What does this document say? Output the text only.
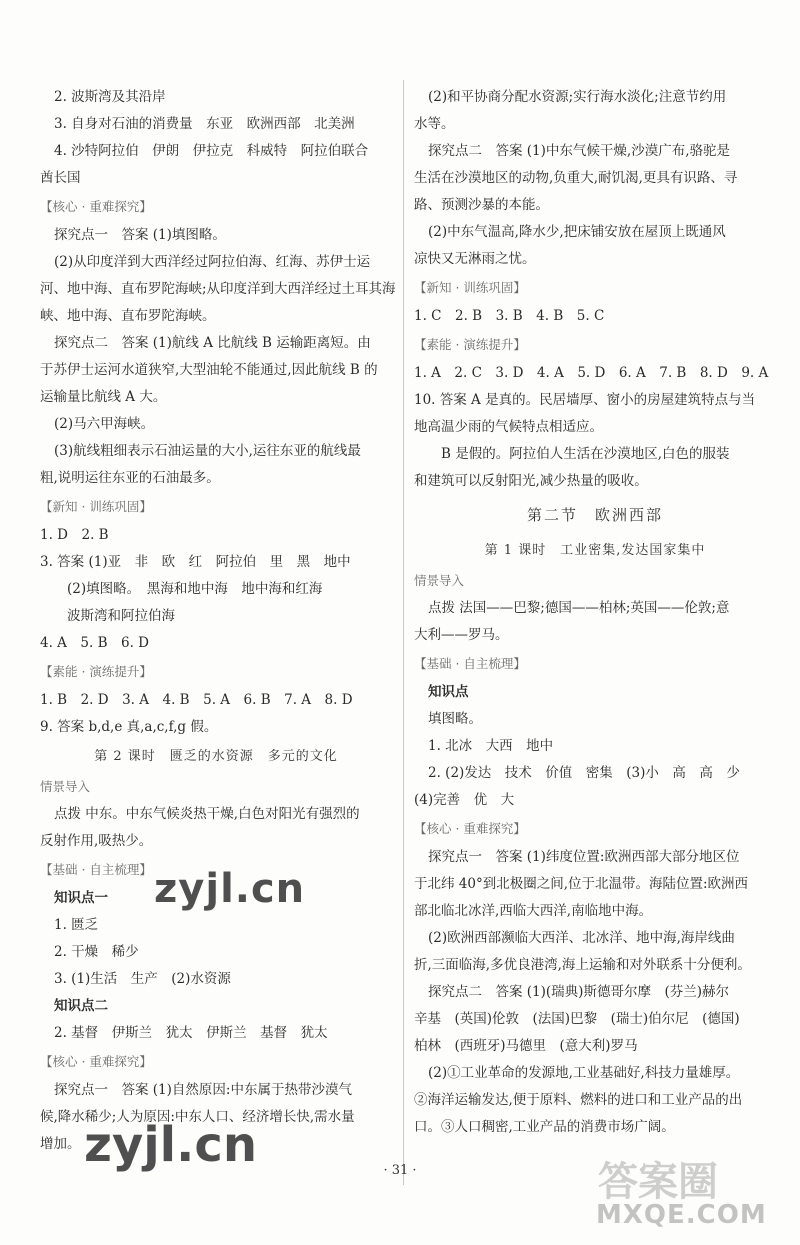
2. 波斯湾及其沿岸
3. 自身对石油的消费量　东亚　欧洲西部　北美洲
4. 沙特阿拉伯　伊朗　伊拉克　科威特　阿拉伯联合
酋长国
【核心 · 重难探究】
探究点一　答案 (1)填图略。
(2)从印度洋到大西洋经过阿拉伯海、红海、苏伊士运
河、地中海、直布罗陀海峡;从印度洋到大西洋经过土耳其海
峡、地中海、直布罗陀海峡。
探究点二　答案 (1)航线 A 比航线 B 运输距离短。由
于苏伊士运河水道狭窄,大型油轮不能通过,因此航线 B 的
运输量比航线 A 大。
(2)马六甲海峡。
(3)航线粗细表示石油运量的大小,运往东亚的航线最
粗,说明运往东亚的石油最多。
【新知 · 训练巩固】
1. D　2. B
3. 答案 (1)亚　非　欧　红　阿拉伯　里　黑　地中
(2)填图略。　黑海和地中海　地中海和红海
波斯湾和阿拉伯海
4. A　5. B　6. D
【素能 · 演练提升】
1. B　2. D　3. A　4. B　5. A　6. B　7. A　8. D
9. 答案 b,d,e 真,a,c,f,g 假。
第 2 课时　匮乏的水资源　多元的文化
情景导入
点拨 中东。中东气候炎热干燥,白色对阳光有强烈的
反射作用,吸热少。
【基础 · 自主梳理】
知识点一
1. 匮乏
2. 干燥　稀少
3. (1)生活　生产　(2)水资源
知识点二
2. 基督　伊斯兰　犹太　伊斯兰　基督　犹太
【核心 · 重难探究】
探究点一　答案 (1)自然原因:中东属于热带沙漠气
候,降水稀少;人为原因:中东人口、经济增长快,需水量
增加。
(2)和平协商分配水资源;实行海水淡化;注意节约用
水等。
探究点二　答案 (1)中东气候干燥,沙漠广布,骆驼是
生活在沙漠地区的动物,负重大,耐饥渴,更具有识路、寻
路、预测沙暴的本能。
(2)中东气温高,降水少,把床铺安放在屋顶上既通风
凉快又无淋雨之忧。
【新知 · 训练巩固】
1. C　2. B　3. B　4. B　5. C
【素能 · 演练提升】
1. A　2. C　3. D　4. A　5. D　6. A　7. B　8. D　9. A
10. 答案 A 是真的。民居墙厚、窗小的房屋建筑特点与当
地高温少雨的气候特点相适应。
B 是假的。阿拉伯人生活在沙漠地区,白色的服装
和建筑可以反射阳光,减少热量的吸收。
第二节　欧洲西部
第 1 课时　工业密集,发达国家集中
情景导入
点拨 法国——巴黎;德国——柏林;英国——伦敦;意
大利——罗马。
【基础 · 自主梳理】
知识点
填图略。
1. 北冰　大西　地中
2. (2)发达　技术　价值　密集　(3)小　高　高　少
(4)完善　优　大
【核心 · 重难探究】
探究点一　答案 (1)纬度位置:欧洲西部大部分地区位
于北纬 40°到北极圈之间,位于北温带。海陆位置:欧洲西
部北临北冰洋,西临大西洋,南临地中海。
(2)欧洲西部濒临大西洋、北冰洋、地中海,海岸线曲
折,三面临海,多优良港湾,海上运输和对外联系十分便利。
探究点二　答案 (1)(瑞典)斯德哥尔摩　(芬兰)赫尔
辛基　(英国)伦敦　(法国)巴黎　(瑞士)伯尔尼　(德国)
柏林　(西班牙)马德里　(意大利)罗马
(2)①工业革命的发源地,工业基础好,科技力量雄厚。
②海洋运输发达,便于原料、燃料的进口和工业产品的出
口。③人口稠密,工业产品的消费市场广阔。
· 31 ·
zyjl.cn
zyjl.cn
答案圈
MXQE.COM
